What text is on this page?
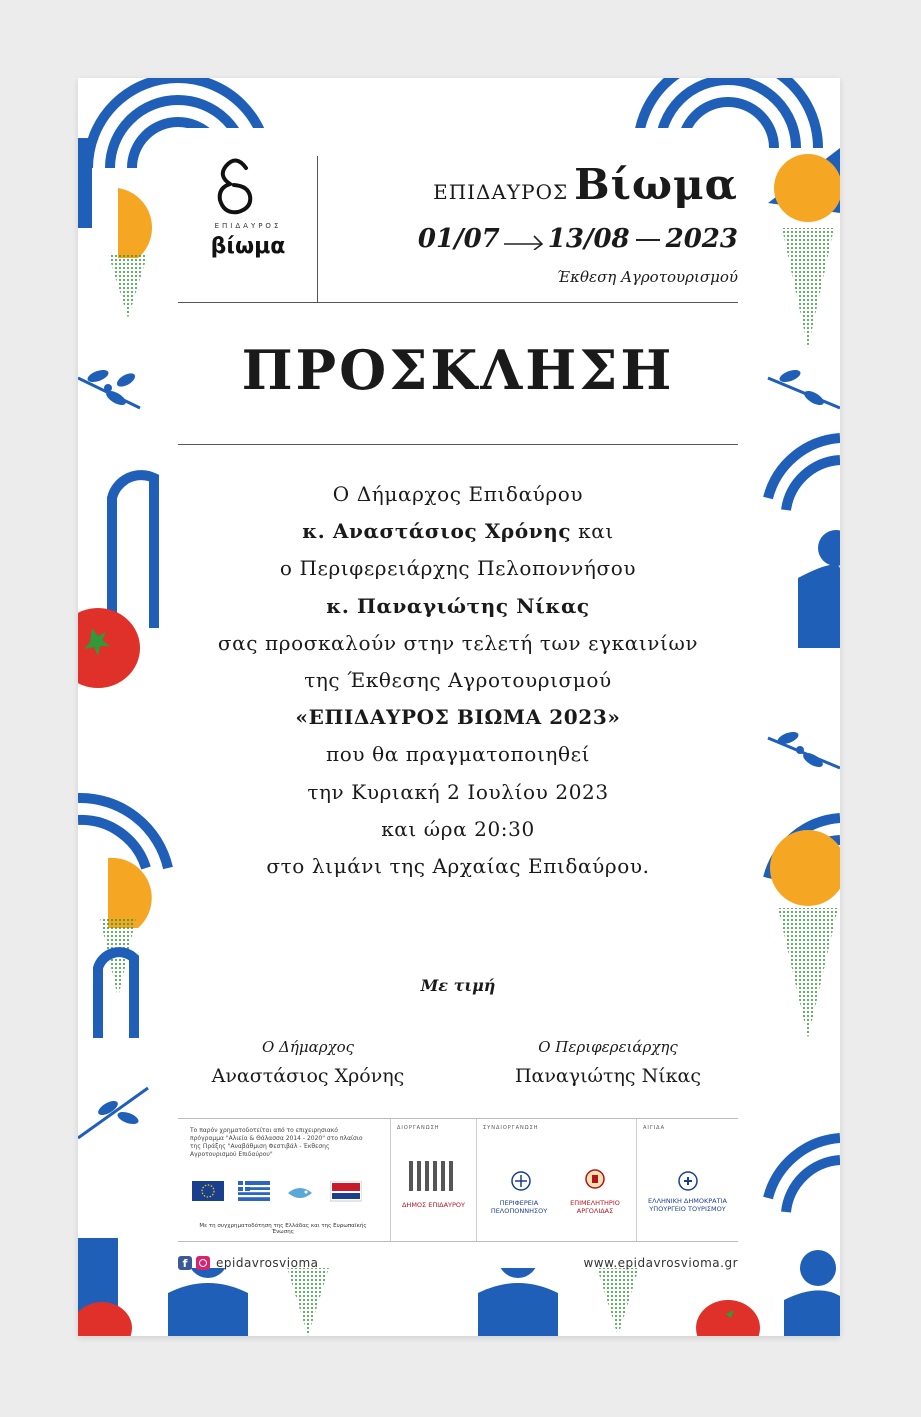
ΕΠΙΔΑΥΡΟΣ
βίωμα
ΕΠΙΔΑΥΡΟΣ Βίωμα
01/07 13/08 2023
Έκθεση Αγροτουρισμού
ΠΡΟΣΚΛΗΣΗ

Ο Δήμαρχος Επιδαύρου

κ. Αναστάσιος Χρόνης και

ο Περιφερειάρχης Πελοποννήσου

κ. Παναγιώτης Νίκας

σας προσκαλούν στην τελετή των εγκαινίων

της Έκθεσης Αγροτουρισμού

«ΕΠΙΔΑΥΡΟΣ ΒΙΩΜΑ 2023»

που θα πραγματοποιηθεί

την Κυριακή 2 Ιουλίου 2023

και ώρα 20:30

στο λιμάνι της Αρχαίας Επιδαύρου.

Με τιμή
Ο Δήμαρχος
Αναστάσιος Χρόνης
Ο Περιφερειάρχης
Παναγιώτης Νίκας
Το παρόν χρηματοδοτείται από το επιχειρησιακό πρόγραμμα "Αλιεία & Θάλασσα 2014 - 2020" στο πλαίσιο της Πράξης "Αναβάθμιση Φεστιβάλ - Έκθεσης Αγροτουρισμού Επιδαύρου"
Με τη συγχρηματοδότηση της Ελλάδας και της Ευρωπαϊκής Ένωσης
ΔΙΟΡΓΑΝΩΣΗ
ΔΗΜΟΣ ΕΠΙΔΑΥΡΟΥ
ΣΥΝΔΙΟΡΓΑΝΩΣΗ
ΠΕΡΙΦΕΡΕΙΑ ΠΕΛΟΠΟΝΝΗΣΟΥ
ΕΠΙΜΕΛΗΤΗΡΙΟ ΑΡΓΟΛΙΔΑΣ
ΑΙΓΙΔΑ
ΕΛΛΗΝΙΚΗ ΔΗΜΟΚΡΑΤΙΑ
ΥΠΟΥΡΓΕΙΟ ΤΟΥΡΙΣΜΟΥ
f	epidavrosvioma	www.epidavrosvioma.gr
